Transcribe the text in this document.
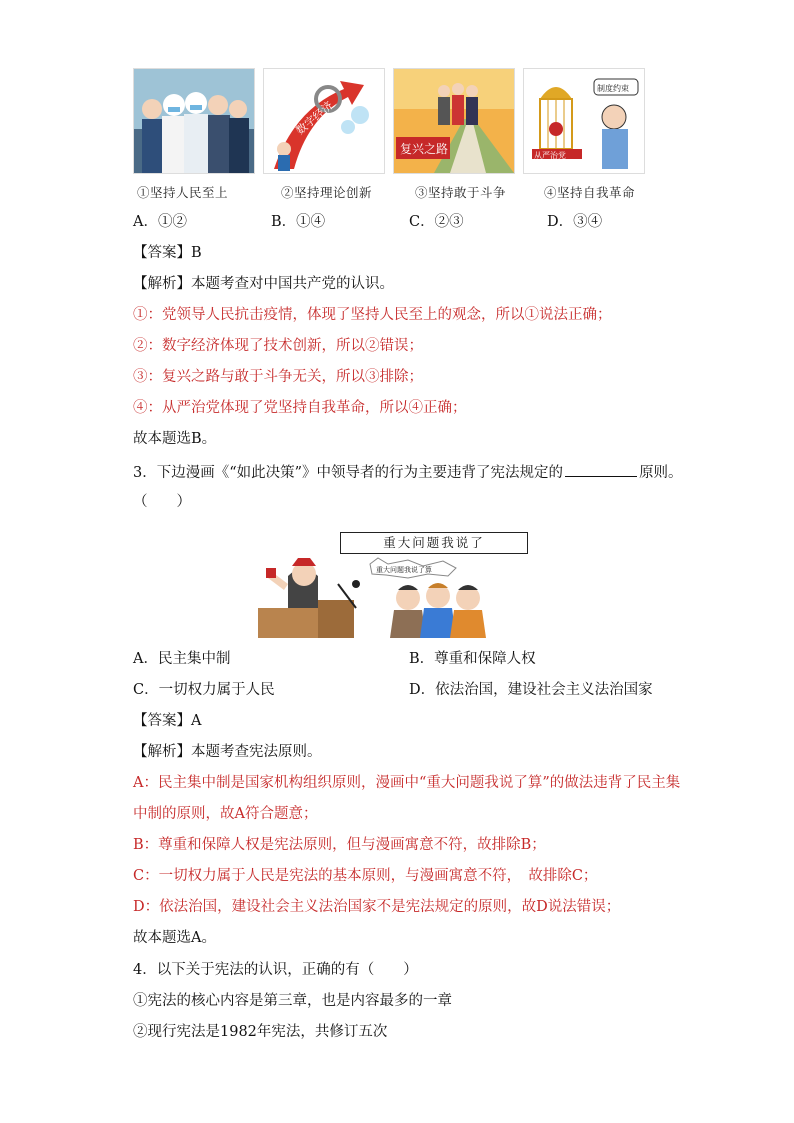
数字经济
复兴之路	从严治党
制度约束
①坚持人民至上	②坚持理论创新	③坚持敢于斗争	④坚持自我革命
A．①②	B．①④	C．②③	D．③④
【答案】B
【解析】本题考查对中国共产党的认识。
①：党领导人民抗击疫情，体现了坚持人民至上的观念，所以①说法正确；
②：数字经济体现了技术创新，所以②错误；
③：复兴之路与敢于斗争无关，所以③排除；
④：从严治党体现了党坚持自我革命，所以④正确；
故本题选B。
3．下边漫画《“如此决策”》中领导者的行为主要违背了宪法规定的	原则。
（　　）
重大问题我说了算
重大问题我说了
A．民主集中制	B．尊重和保障人权
C．一切权力属于人民	D．依法治国，建设社会主义法治国家
【答案】A
【解析】本题考查宪法原则。
A：民主集中制是国家机构组织原则，漫画中“重大问题我说了算”的做法违背了民主集
中制的原则，故A符合题意；
B：尊重和保障人权是宪法原则，但与漫画寓意不符，故排除B；
C：一切权力属于人民是宪法的基本原则，与漫画寓意不符，　故排除C；
D：依法治国，建设社会主义法治国家不是宪法规定的原则，故D说法错误；
故本题选A。
4．以下关于宪法的认识，正确的有（　　）
①宪法的核心内容是第三章，也是内容最多的一章
②现行宪法是1982年宪法，共修订五次
